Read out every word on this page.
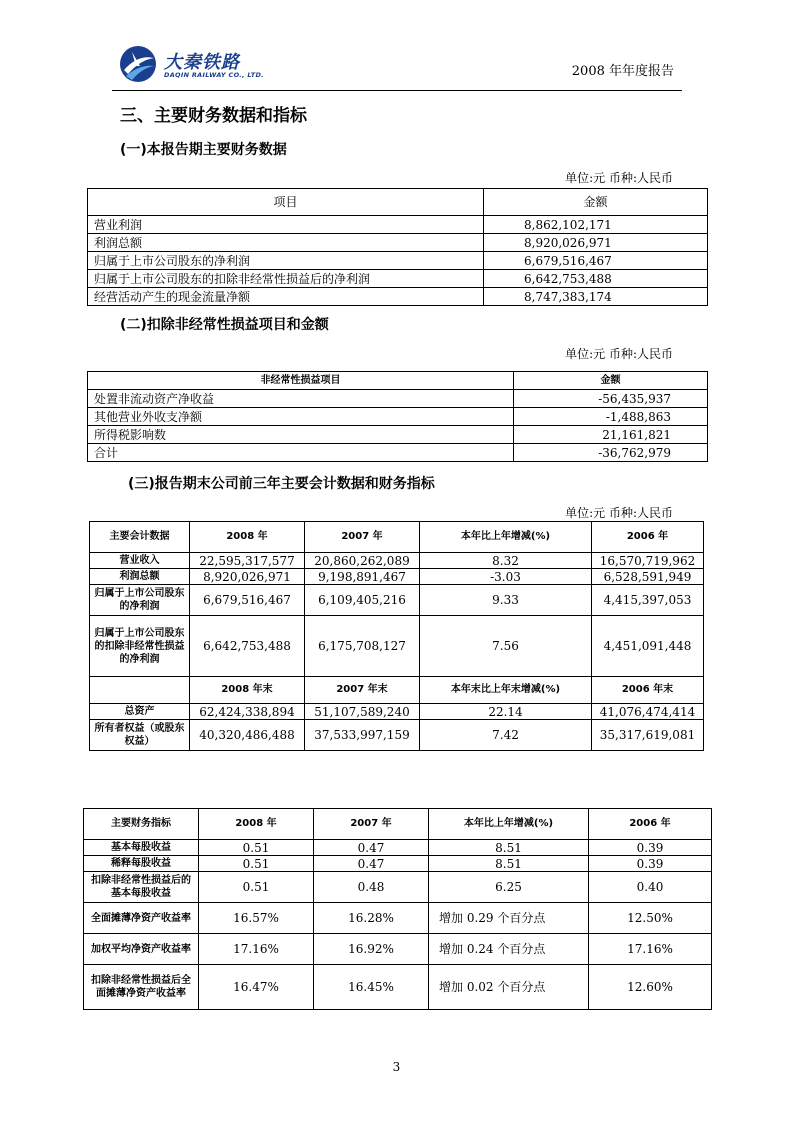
大秦铁路
DAQIN RAILWAY CO., LTD.	2008 年年度报告
三、主要财务数据和指标
(一)本报告期主要财务数据
单位:元 币种:人民币
项目	金额
营业利润	8,862,102,171
利润总额	8,920,026,971
归属于上市公司股东的净利润	6,679,516,467
归属于上市公司股东的扣除非经常性损益后的净利润	6,642,753,488
经营活动产生的现金流量净额	8,747,383,174
(二)扣除非经常性损益项目和金额
单位:元 币种:人民币
非经常性损益项目	金额
处置非流动资产净收益	-56,435,937
其他营业外收支净额	-1,488,863
所得税影响数	21,161,821
合计	-36,762,979
(三)报告期末公司前三年主要会计数据和财务指标
单位:元 币种:人民币
主要会计数据	2008 年	2007 年	本年比上年增减(%)	2006 年
营业收入	22,595,317,577	20,860,262,089	8.32	16,570,719,962
利润总额	8,920,026,971	9,198,891,467	-3.03	6,528,591,949
归属于上市公司股东的净利润	6,679,516,467	6,109,405,216	9.33	4,415,397,053
归属于上市公司股东的扣除非经常性损益的净利润	6,642,753,488	6,175,708,127	7.56	4,451,091,448
	2008 年末	2007 年末	本年末比上年末增减(%)	2006 年末
总资产	62,424,338,894	51,107,589,240	22.14	41,076,474,414
所有者权益（或股东权益）	40,320,486,488	37,533,997,159	7.42	35,317,619,081
主要财务指标	2008 年	2007 年	本年比上年增减(%)	2006 年
基本每股收益	0.51	0.47	8.51	0.39
稀释每股收益	0.51	0.47	8.51	0.39
扣除非经常性损益后的基本每股收益	0.51	0.48	6.25	0.40
全面摊薄净资产收益率	16.57%	16.28%	增加 0.29 个百分点	12.50%
加权平均净资产收益率	17.16%	16.92%	增加 0.24 个百分点	17.16%
扣除非经常性损益后全面摊薄净资产收益率	16.47%	16.45%	增加 0.02 个百分点	12.60%
3
